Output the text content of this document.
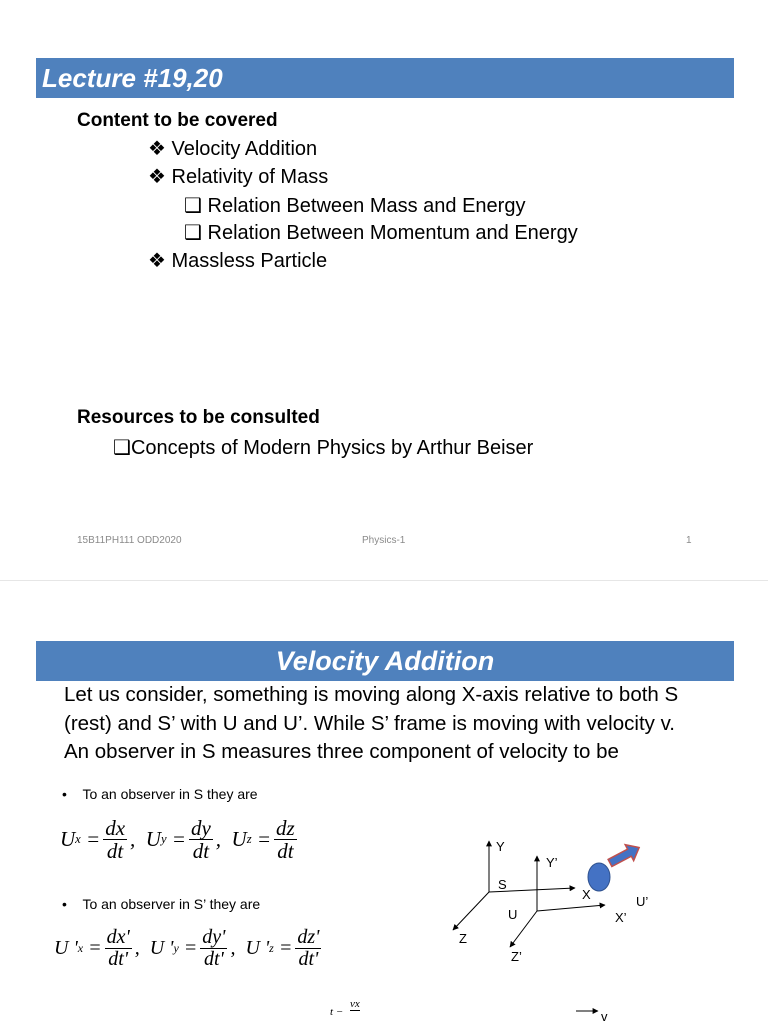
Lecture #19,20
Content to be covered
❖ Velocity Addition
❖ Relativity of Mass
❑ Relation Between Mass and Energy
❑ Relation Between Momentum and Energy
❖ Massless Particle
Resources to be consulted
❑Concepts of Modern Physics by Arthur Beiser
15B11PH111 ODD2020	Physics-1	1
Velocity Addition
Let us consider, something is moving along X-axis relative to both S
(rest) and S’ with U and U’. While S’ frame is moving with velocity v.
An observer in S measures three component of velocity to be
• To an observer in S they are
U $x = \frac{dx}{dt}$ , U $y = \frac{dy}{dt}$ , U $z = \frac{dz}{dt}$
• To an observer in S’ they are
U ' $x = \frac{dx'}{dt'}$ , U ' $y = \frac{dy'}{dt'}$ , U ' $z = \frac{dz'}{dt'}$
t − vx
Y
Y’
S
U
X
X’
Z
Z’
U’
v
